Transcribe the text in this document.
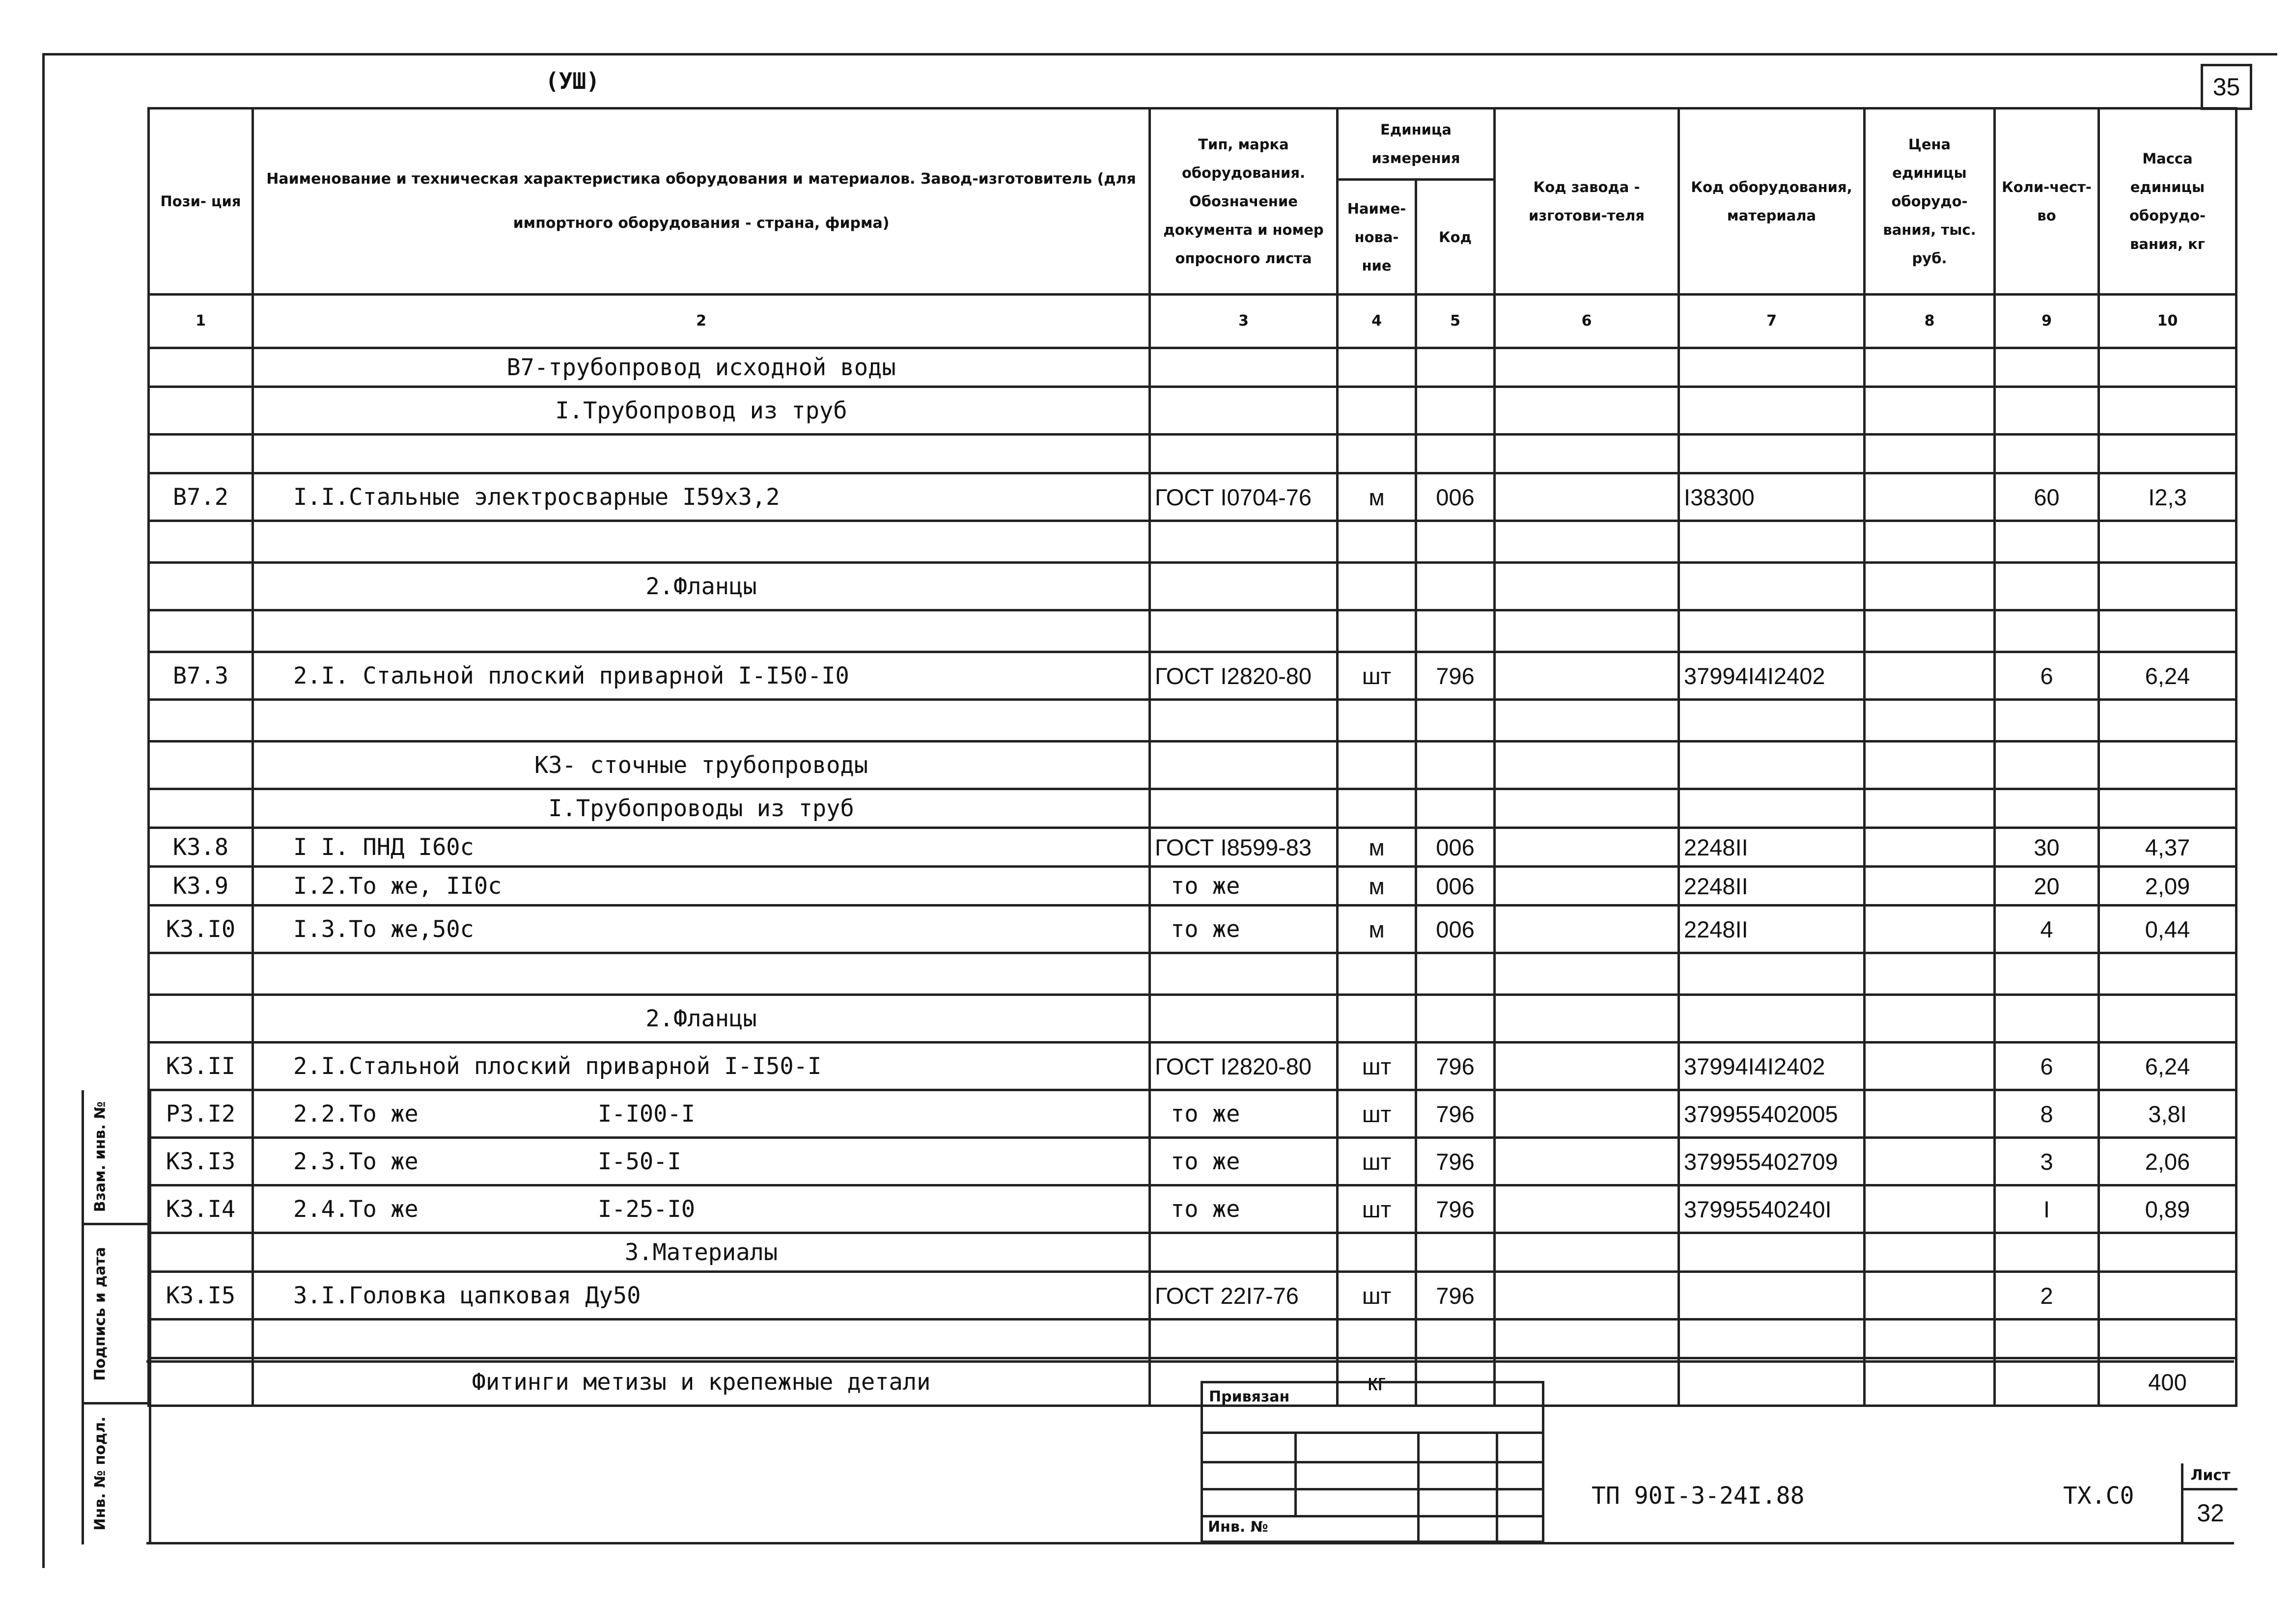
35
(УШ)
Пози- ция	Наименование и техническая характеристика оборудования и материалов. Завод-изготовитель (для импортного оборудования - страна, фирма)	Тип, марка оборудования. Обозначение документа и номер опросного листа	Единица измерения		Код завода - изготови-теля	Код оборудования, материала	Цена единицы оборудо-вания, тыс. руб.	Коли-чест-во	Масса единицы оборудо-вания, кг
			Наиме-нова-ние	Код					
1	2	3	4	5	6	7	8	9	10
	В7-трубопровод исходной воды								
	I.Трубопровод из труб								

В7.2	I.I.Стальные электросварные I59х3,2	ГОСТ I0704-76	м	006		I38300		60	I2,3

	2.Фланцы								

В7.3	2.I. Стальной плоский приварной I-I50-I0	ГОСТ I2820-80	шт	796		37994I4I2402		6	6,24

	К3- сточные трубопроводы								
	I.Трубопроводы из труб								
К3.8	I I. ПНД I60с	ГОСТ I8599-83	м	006		2248II		30	4,37
К3.9	I.2.То же, II0с	то же	м	006		2248II		20	2,09
К3.I0	I.3.То же,50с	то же	м	006		2248II		4	0,44

	2.Фланцы								
К3.II	2.I.Стальной плоский приварной I-I50-I	ГОСТ I2820-80	шт	796		37994I4I2402		6	6,24
Р3.I2	2.2.То же I-I00-I	то же	шт	796		379955402005		8	3,8I
К3.I3	2.3.То же I-50-I	то же	шт	796		379955402709		3	2,06
К3.I4	2.4.То же I-25-I0	то же	шт	796		37995540240I		I	0,89
	3.Материалы								
К3.I5	3.I.Головка цапковая Ду50	ГОСТ 22I7-76	шт	796				2	

	Фитинги метизы и крепежные детали		кг						400
Взам. инв. №
Подпись и дата
Инв. № подл.
Привязан
Инв. №
ТП 90I-3-24I.88	ТХ.С0
Лист
32
